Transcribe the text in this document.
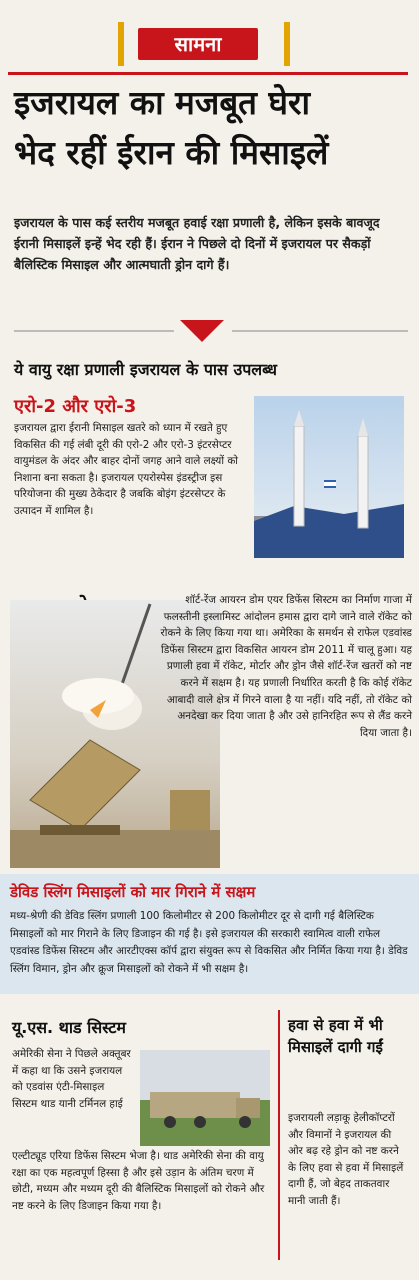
सामना
इजरायल का मजबूत घेरा
भेद रहीं ईरान की मिसाइलें
इजरायल के पास कई स्तरीय मजबूत हवाई रक्षा प्रणाली है, लेकिन इसके बावजूद ईरानी मिसाइलें इन्हें भेद रही हैं। ईरान ने पिछले दो दिनों में इजरायल पर सैकड़ों बैलिस्टिक मिसाइल और आत्मघाती ड्रोन दागे हैं।
ये वायु रक्षा प्रणाली इजरायल के पास उपलब्ध
एरो-2 और एरो-3
इजरायल द्वारा ईरानी मिसाइल खतरे को ध्यान में रखते हुए विकसित की गई लंबी दूरी की एरो-2 और एरो-3 इंटरसेप्टर वायुमंडल के अंदर और बाहर दोनों जगह आने वाले लक्ष्यों को निशाना बना सकता है। इजरायल एयरोस्पेस इंडस्ट्रीज इस परियोजना की मुख्य ठेकेदार है जबकि बोइंग इंटरसेप्टर के उत्पादन में शामिल है।
शॉर्ट-रेंज आयरन डोम एयर डिफेंस सिस्टम का निर्माण गाजा में फलस्तीनी इस्लामिस्ट आंदोलन हमास द्वारा दागे जाने वाले रॉकेट को रोकने के लिए किया गया था। अमेरिका के समर्थन से राफेल एडवांस्ड डिफेंस सिस्टम द्वारा विकसित आयरन डोम 2011 में चालू हुआ। यह प्रणाली हवा में रॉकेट, मोर्टार और ड्रोन जैसे शॉर्ट-रेंज खतरों को नष्ट करने में सक्षम है। यह प्रणाली निर्धारित करती है कि कोई रॉकेट आबादी वाले क्षेत्र में गिरने वाला है या नहीं। यदि नहीं, तो रॉकेट को अनदेखा कर दिया जाता है और उसे हानिरहित रूप से लैंड करने दिया जाता है।
डेविड स्लिंग मिसाइलों को मार गिराने में सक्षम
मध्य-श्रेणी की डेविड स्लिंग प्रणाली 100 किलोमीटर से 200 किलोमीटर दूर से दागी गई बैलिस्टिक मिसाइलों को मार गिराने के लिए डिजाइन की गई है। इसे इजरायल की सरकारी स्वामित्व वाली राफेल एडवांस्ड डिफेंस सिस्टम और आरटीएक्स कॉर्प द्वारा संयुक्त रूप से विकसित और निर्मित किया गया है। डेविड स्लिंग विमान, ड्रोन और क्रूज मिसाइलों को रोकने में भी सक्षम है।
यू.एस. थाड सिस्टम
अमेरिकी सेना ने पिछले अक्तूबर में कहा था कि उसने इजरायल को एडवांस एंटी-मिसाइल सिस्टम थाड यानी टर्मिनल हाई
एल्टीट्यूड एरिया डिफेंस सिस्टम भेजा है। थाड अमेरिकी सेना की वायु रक्षा का एक महत्वपूर्ण हिस्सा है और इसे उड़ान के अंतिम चरण में छोटी, मध्यम और मध्यम दूरी की बैलिस्टिक मिसाइलों को रोकने और नष्ट करने के लिए डिजाइन किया गया है।
हवा से हवा में भी मिसाइलें दागी गईं
इजरायली लड़ाकू हेलीकॉप्टरों और विमानों ने इजरायल की ओर बढ़ रहे ड्रोन को नष्ट करने के लिए हवा से हवा में मिसाइलें दागी हैं, जो बेहद ताकतवार मानी जाती हैं।
